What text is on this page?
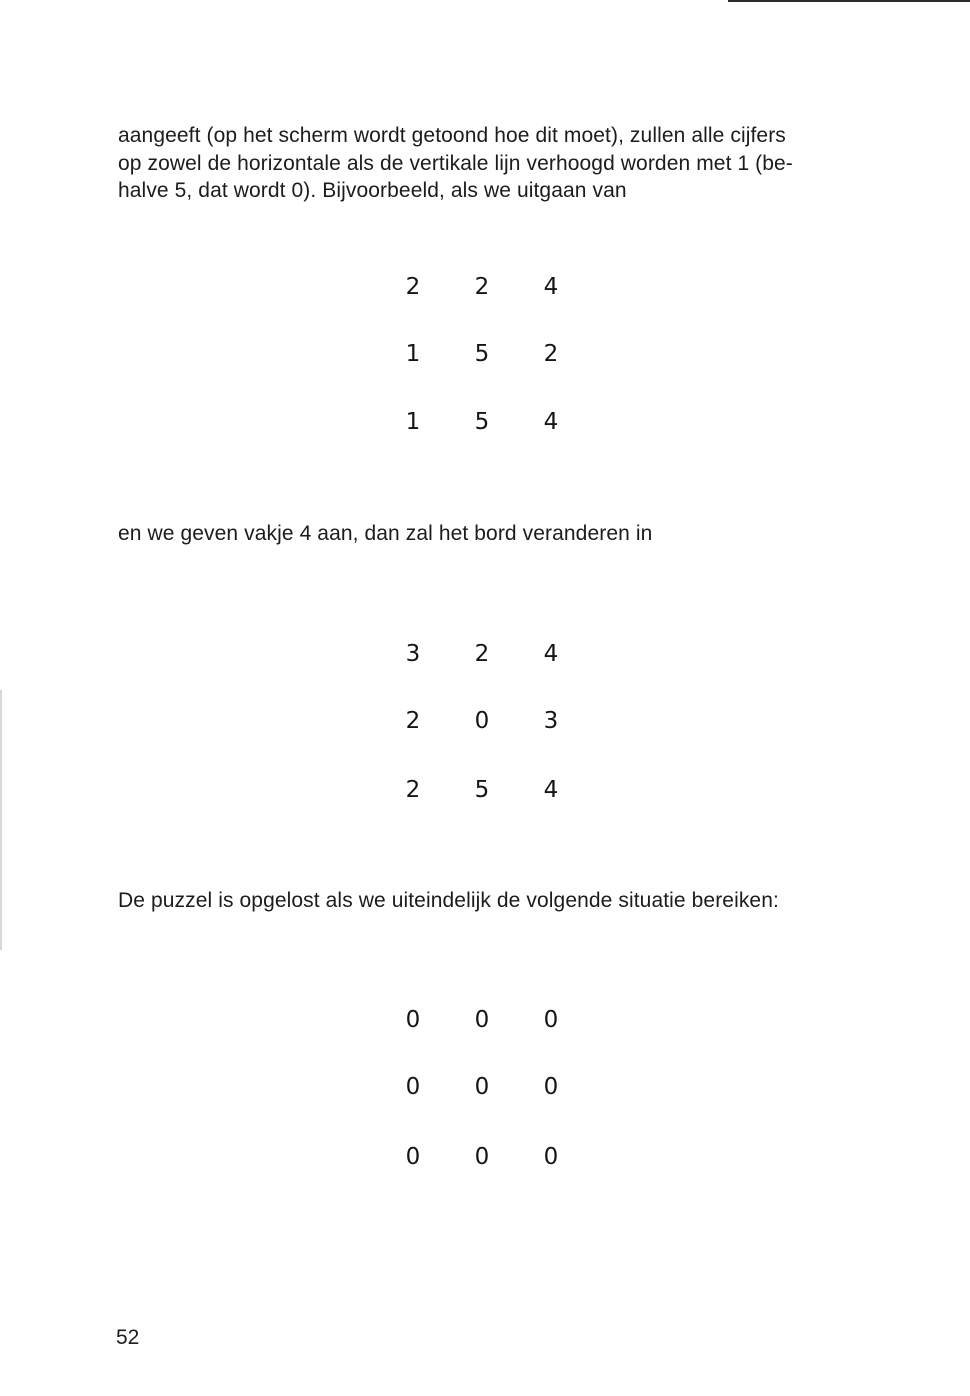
aangeeft (op het scherm wordt getoond hoe dit moet), zullen alle cijfers
op zowel de horizontale als de vertikale lijn verhoogd worden met 1 (be-
halve 5, dat wordt 0). Bijvoorbeeld, als we uitgaan van

2	2	4
1	5	2
1	5	4

en we geven vakje 4 aan, dan zal het bord veranderen in

3	2	4
2	0	3
2	5	4

De puzzel is opgelost als we uiteindelijk de volgende situatie bereiken:

0	0	0
0	0	0
0	0	0
52
